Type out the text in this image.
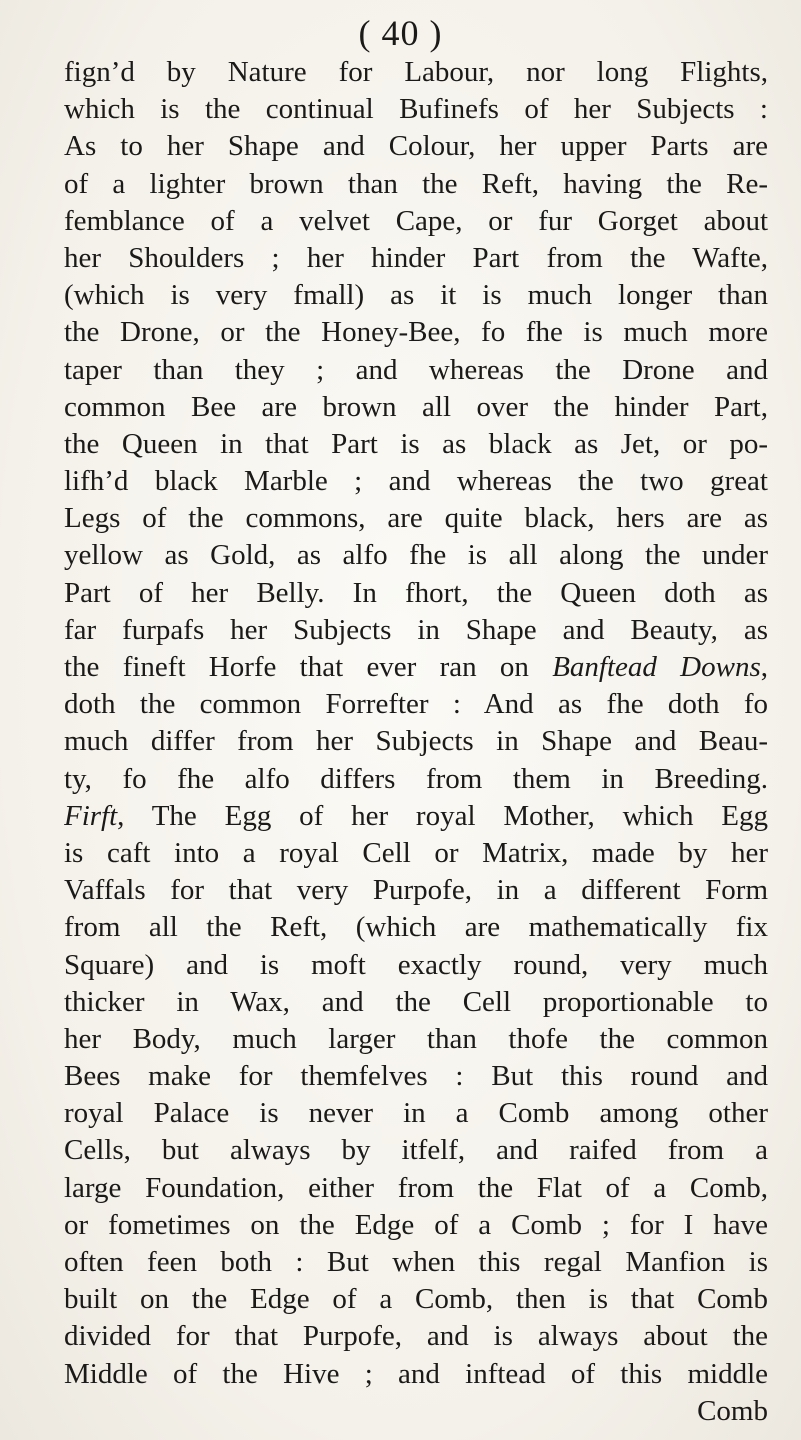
( 40 )
fign’d by Nature for Labour, nor long Flights,
which is the continual Bufinefs of her Subjects :
As to her Shape and Colour, her upper Parts are
of a lighter brown than the Reft, having the Re-
femblance of a velvet Cape, or fur Gorget about
her Shoulders ; her hinder Part from the Wafte,
(which is very fmall) as it is much longer than
the Drone, or the Honey-Bee, fo fhe is much more
taper than they ; and whereas the Drone and
common Bee are brown all over the hinder Part,
the Queen in that Part is as black as Jet, or po-
lifh’d black Marble ; and whereas the two great
Legs of the commons, are quite black, hers are as
yellow as Gold, as alfo fhe is all along the under
Part of her Belly. In fhort, the Queen doth as
far furpafs her Subjects in Shape and Beauty, as
the fineft Horfe that ever ran on Banftead Downs,
doth the common Forrefter : And as fhe doth fo
much differ from her Subjects in Shape and Beau-
ty, fo fhe alfo differs from them in Breeding.
Firft, The Egg of her royal Mother, which Egg
is caft into a royal Cell or Matrix, made by her
Vaffals for that very Purpofe, in a different Form
from all the Reft, (which are mathematically fix
Square) and is moft exactly round, very much
thicker in Wax, and the Cell proportionable to
her Body, much larger than thofe the common
Bees make for themfelves : But this round and
royal Palace is never in a Comb among other
Cells, but always by itfelf, and raifed from a
large Foundation, either from the Flat of a Comb,
or fometimes on the Edge of a Comb ; for I have
often feen both : But when this regal Manfion is
built on the Edge of a Comb, then is that Comb
divided for that Purpofe, and is always about the
Middle of the Hive ; and inftead of this middle
Comb
